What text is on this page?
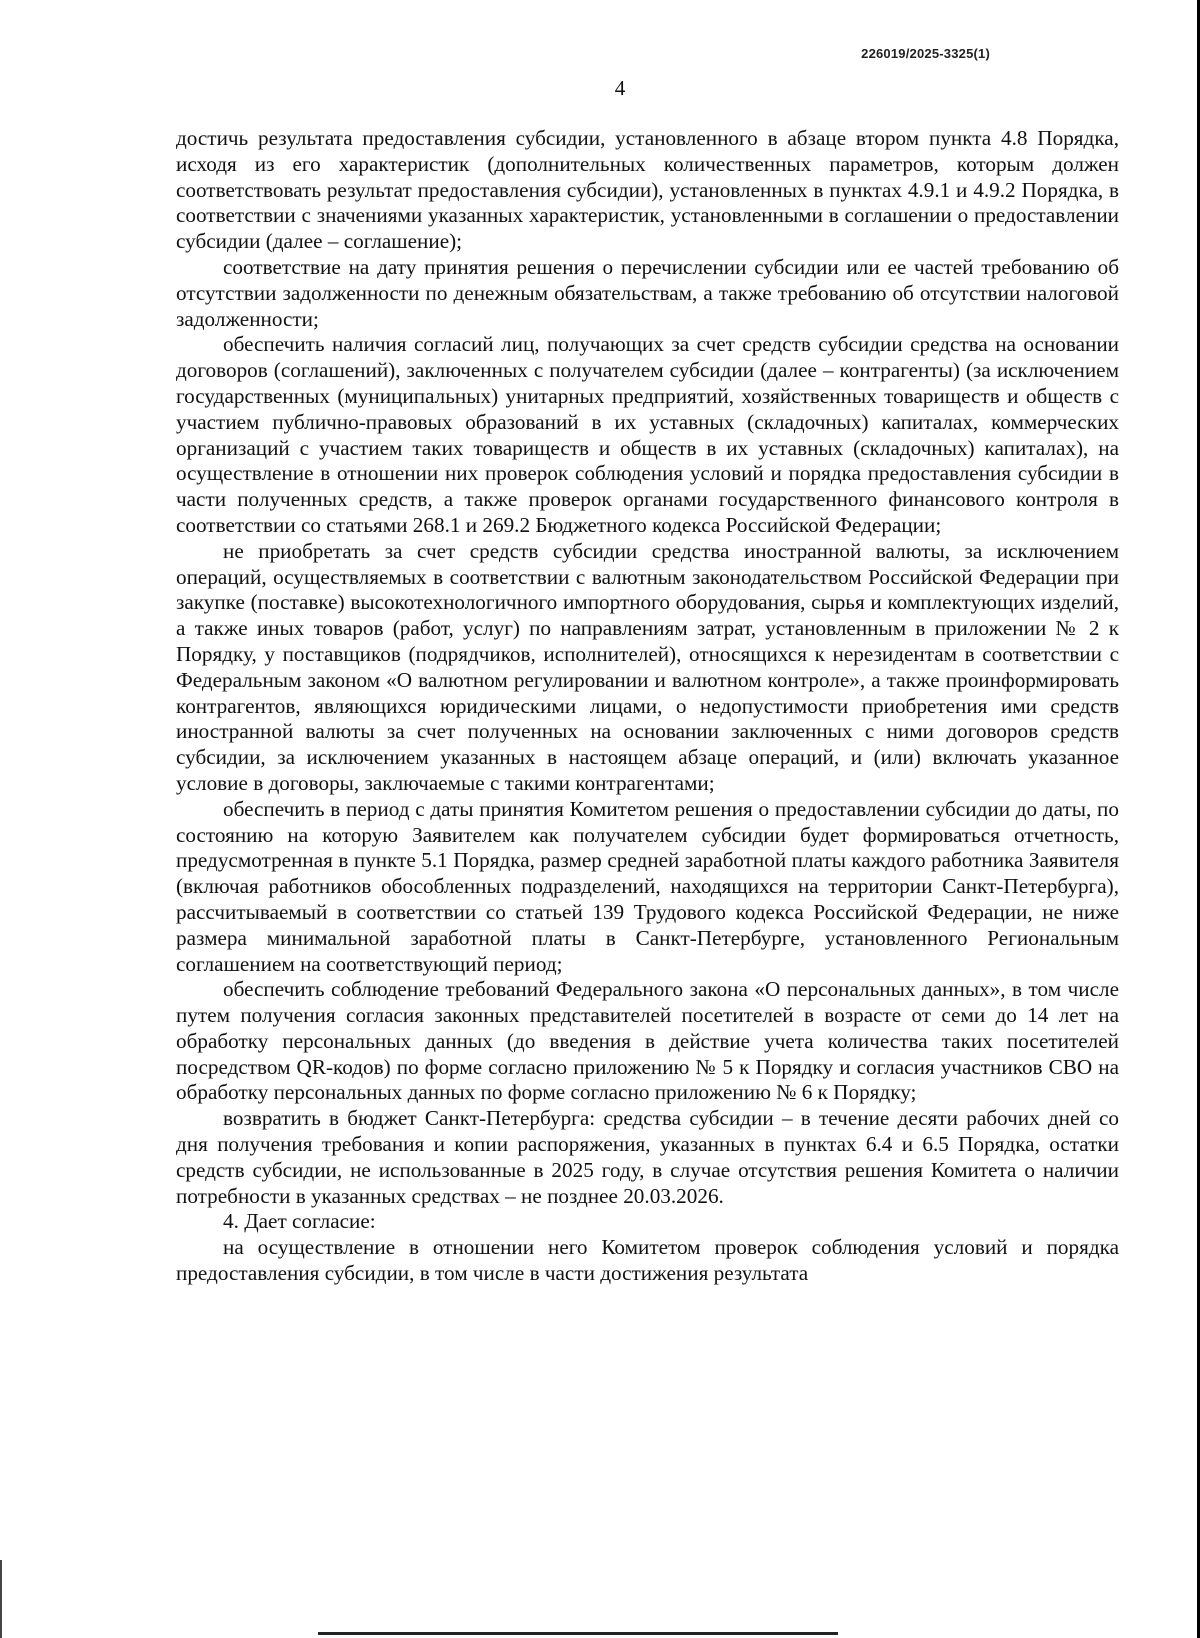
226019/2025-3325(1)
4

достичь результата предоставления субсидии, установленного в абзаце втором пункта 4.8 Порядка, исходя из его характеристик (дополнительных количественных параметров, которым должен соответствовать результат предоставления субсидии), установленных в пунктах 4.9.1 и 4.9.2 Порядка, в соответствии с значениями указанных характеристик, установленными в соглашении о предоставлении субсидии (далее – соглашение);

соответствие на дату принятия решения о перечислении субсидии или ее частей требованию об отсутствии задолженности по денежным обязательствам, а также требованию об отсутствии налоговой задолженности;

обеспечить наличия согласий лиц, получающих за счет средств субсидии средства на основании договоров (соглашений), заключенных с получателем субсидии (далее – контрагенты) (за исключением государственных (муниципальных) унитарных предприятий, хозяйственных товариществ и обществ с участием публично-правовых образований в их уставных (складочных) капиталах, коммерческих организаций с участием таких товариществ и обществ в их уставных (складочных) капиталах), на осуществление в отношении них проверок соблюдения условий и порядка предоставления субсидии в части полученных средств, а также проверок органами государственного финансового контроля в соответствии со статьями 268.1 и 269.2 Бюджетного кодекса Российской Федерации;

не приобретать за счет средств субсидии средства иностранной валюты, за исключением операций, осуществляемых в соответствии с валютным законодательством Российской Федерации при закупке (поставке) высокотехнологичного импортного оборудования, сырья и комплектующих изделий, а также иных товаров (работ, услуг) по направлениям затрат, установленным в приложении № 2 к Порядку, у поставщиков (подрядчиков, исполнителей), относящихся к нерезидентам в соответствии с Федеральным законом «О валютном регулировании и валютном контроле», а также проинформировать контрагентов, являющихся юридическими лицами, о недопустимости приобретения ими средств иностранной валюты за счет полученных на основании заключенных с ними договоров средств субсидии, за исключением указанных в настоящем абзаце операций, и (или) включать указанное условие в договоры, заключаемые с такими контрагентами;

обеспечить в период с даты принятия Комитетом решения о предоставлении субсидии до даты, по состоянию на которую Заявителем как получателем субсидии будет формироваться отчетность, предусмотренная в пункте 5.1 Порядка, размер средней заработной платы каждого работника Заявителя (включая работников обособленных подразделений, находящихся на территории Санкт-Петербурга), рассчитываемый в соответствии со статьей 139 Трудового кодекса Российской Федерации, не ниже размера минимальной заработной платы в Санкт-Петербурге, установленного Региональным соглашением на соответствующий период;

обеспечить соблюдение требований Федерального закона «О персональных данных», в том числе путем получения согласия законных представителей посетителей в возрасте от семи до 14 лет на обработку персональных данных (до введения в действие учета количества таких посетителей посредством QR-кодов) по форме согласно приложению № 5 к Порядку и согласия участников СВО на обработку персональных данных по форме согласно приложению № 6 к Порядку;

возвратить в бюджет Санкт-Петербурга: средства субсидии – в течение десяти рабочих дней со дня получения требования и копии распоряжения, указанных в пунктах 6.4 и 6.5 Порядка, остатки средств субсидии, не использованные в 2025 году, в случае отсутствия решения Комитета о наличии потребности в указанных средствах – не позднее 20.03.2026.

4. Дает согласие:

на осуществление в отношении него Комитетом проверок соблюдения условий и порядка предоставления субсидии, в том числе в части достижения результата
